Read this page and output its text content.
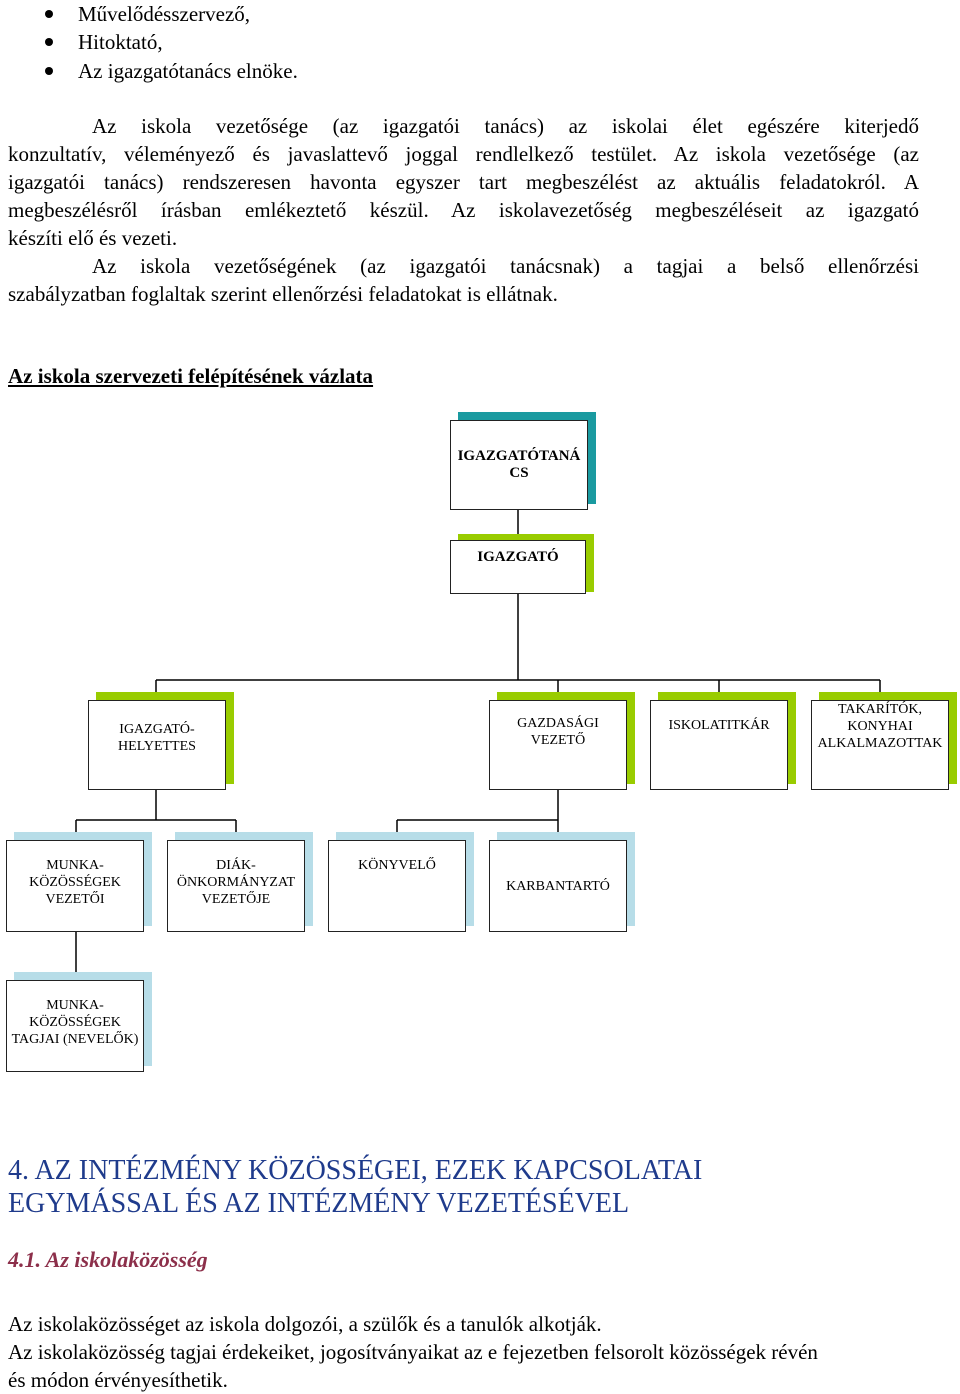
Művelődésszervező,
Hitoktató,
Az igazgatótanács elnöke.
Az iskola vezetősége (az igazgatói tanács) az iskolai élet egészére kiterjedő
konzultatív, véleményező és javaslattevő joggal rendlelkező testület. Az iskola vezetősége (az
igazgatói tanács) rendszeresen havonta egyszer tart megbeszélést az aktuális feladatokról. A
megbeszélésről írásban emlékeztető készül. Az iskolavezetőség megbeszéléseit az igazgató
készíti elő és vezeti.
Az iskola vezetőségének (az igazgatói tanácsnak) a tagjai a belső ellenőrzési
szabályzatban foglaltak szerint ellenőrzési feladatokat is ellátnak.
Az iskola szervezeti felépítésének vázlata
IGAZGATÓTANÁ
CS
IGAZGATÓ
IGAZGATÓ-
HELYETTES
GAZDASÁGI
VEZETŐ
ISKOLATITKÁR
TAKARÍTÓK,
KONYHAI
ALKALMAZOTTAK
MUNKA-
KÖZÖSSÉGEK
VEZETŐI
DIÁK-
ÖNKORMÁNYZAT
VEZETŐJE
KÖNYVELŐ
KARBANTARTÓ
MUNKA-
KÖZÖSSÉGEK
TAGJAI (NEVELŐK)
4. AZ INTÉZMÉNY KÖZÖSSÉGEI, EZEK KAPCSOLATAI
EGYMÁSSAL ÉS AZ INTÉZMÉNY VEZETÉSÉVEL
4.1. Az iskolaközösség
Az iskolaközösséget az iskola dolgozói, a szülők és a tanulók alkotják.
Az iskolaközösség tagjai érdekeiket, jogosítványaikat az e fejezetben felsorolt közösségek révén
és módon érvényesíthetik.
